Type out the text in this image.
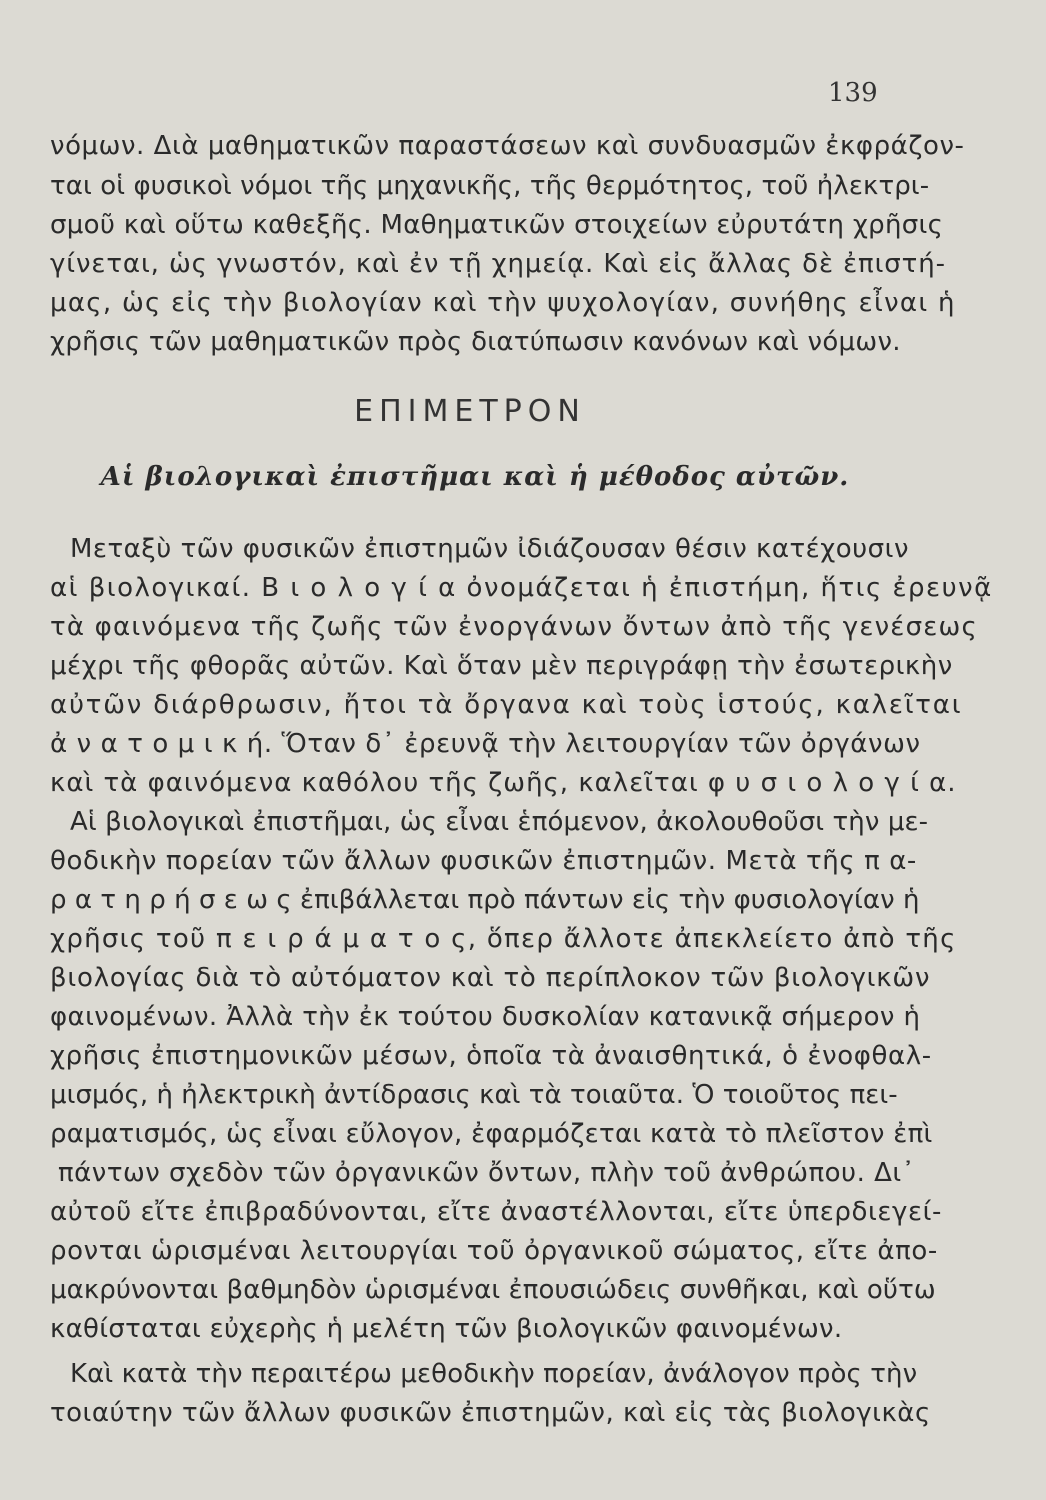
139
νόμων. Διὰ μαθηματικῶν παραστάσεων καὶ συνδυασμῶν ἐκφράζον-
ται οἱ φυσικοὶ νόμοι τῆς μηχανικῆς, τῆς θερμότητος, τοῦ ἠλεκτρι-
σμοῦ καὶ οὕτω καθεξῆς. Μαθηματικῶν στοιχείων εὐρυτάτη χρῆσις
γίνεται, ὡς γνωστόν, καὶ ἐν τῇ χημείᾳ. Καὶ εἰς ἄλλας δὲ ἐπιστή-
μας, ὡς εἰς τὴν βιολογίαν καὶ τὴν ψυχολογίαν, συνήθης εἶναι ἡ
χρῆσις τῶν μαθηματικῶν πρὸς διατύπωσιν κανόνων καὶ νόμων.
ΕΠΙΜΕΤΡΟΝ
Αἱ βιολογικαὶ ἐπιστῆμαι καὶ ἡ μέθοδος αὐτῶν.
Μεταξὺ τῶν φυσικῶν ἐπιστημῶν ἰδιάζουσαν θέσιν κατέχουσιν
αἱ βιολογικαί. Β ι ο λ ο γ ί α ὀνομάζεται ἡ ἐπιστήμη, ἥτις ἐρευνᾷ
τὰ φαινόμενα τῆς ζωῆς τῶν ἐνοργάνων ὄντων ἀπὸ τῆς γενέσεως
μέχρι τῆς φθορᾶς αὐτῶν. Καὶ ὅταν μὲν περιγράφῃ τὴν ἐσωτερικὴν
αὐτῶν διάρθρωσιν, ἤτοι τὰ ὄργανα καὶ τοὺς ἱστούς, καλεῖται
ἀ ν α τ ο μ ι κ ή. Ὅταν δ᾽ ἐρευνᾷ τὴν λειτουργίαν τῶν ὀργάνων
καὶ τὰ φαινόμενα καθόλου τῆς ζωῆς, καλεῖται φ υ σ ι ο λ ο γ ί α.
Αἱ βιολογικαὶ ἐπιστῆμαι, ὡς εἶναι ἑπόμενον, ἀκολουθοῦσι τὴν με-
θοδικὴν πορείαν τῶν ἄλλων φυσικῶν ἐπιστημῶν. Μετὰ τῆς π α-
ρ α τ η ρ ή σ ε ω ς ἐπιβάλλεται πρὸ πάντων εἰς τὴν φυσιολογίαν ἡ
χρῆσις τοῦ π ε ι ρ ά μ α τ ο ς, ὅπερ ἄλλοτε ἀπεκλείετο ἀπὸ τῆς
βιολογίας διὰ τὸ αὐτόματον καὶ τὸ περίπλοκον τῶν βιολογικῶν
φαινομένων. Ἀλλὰ τὴν ἐκ τούτου δυσκολίαν κατανικᾷ σήμερον ἡ
χρῆσις ἐπιστημονικῶν μέσων, ὁποῖα τὰ ἀναισθητικά, ὁ ἐνοφθαλ-
μισμός, ἡ ἠλεκτρικὴ ἀντίδρασις καὶ τὰ τοιαῦτα. Ὁ τοιοῦτος πει-
ραματισμός, ὡς εἶναι εὔλογον, ἐφαρμόζεται κατὰ τὸ πλεῖστον ἐπὶ
πάντων σχεδὸν τῶν ὀργανικῶν ὄντων, πλὴν τοῦ ἀνθρώπου. Δι᾽
αὐτοῦ εἴτε ἐπιβραδύνονται, εἴτε ἀναστέλλονται, εἴτε ὑπερδιεγεί-
ρονται ὡρισμέναι λειτουργίαι τοῦ ὀργανικοῦ σώματος, εἴτε ἀπο-
μακρύνονται βαθμηδὸν ὡρισμέναι ἐπουσιώδεις συνθῆκαι, καὶ οὕτω
καθίσταται εὐχερὴς ἡ μελέτη τῶν βιολογικῶν φαινομένων.
Καὶ κατὰ τὴν περαιτέρω μεθοδικὴν πορείαν, ἀνάλογον πρὸς τὴν
τοιαύτην τῶν ἄλλων φυσικῶν ἐπιστημῶν, καὶ εἰς τὰς βιολογικὰς
